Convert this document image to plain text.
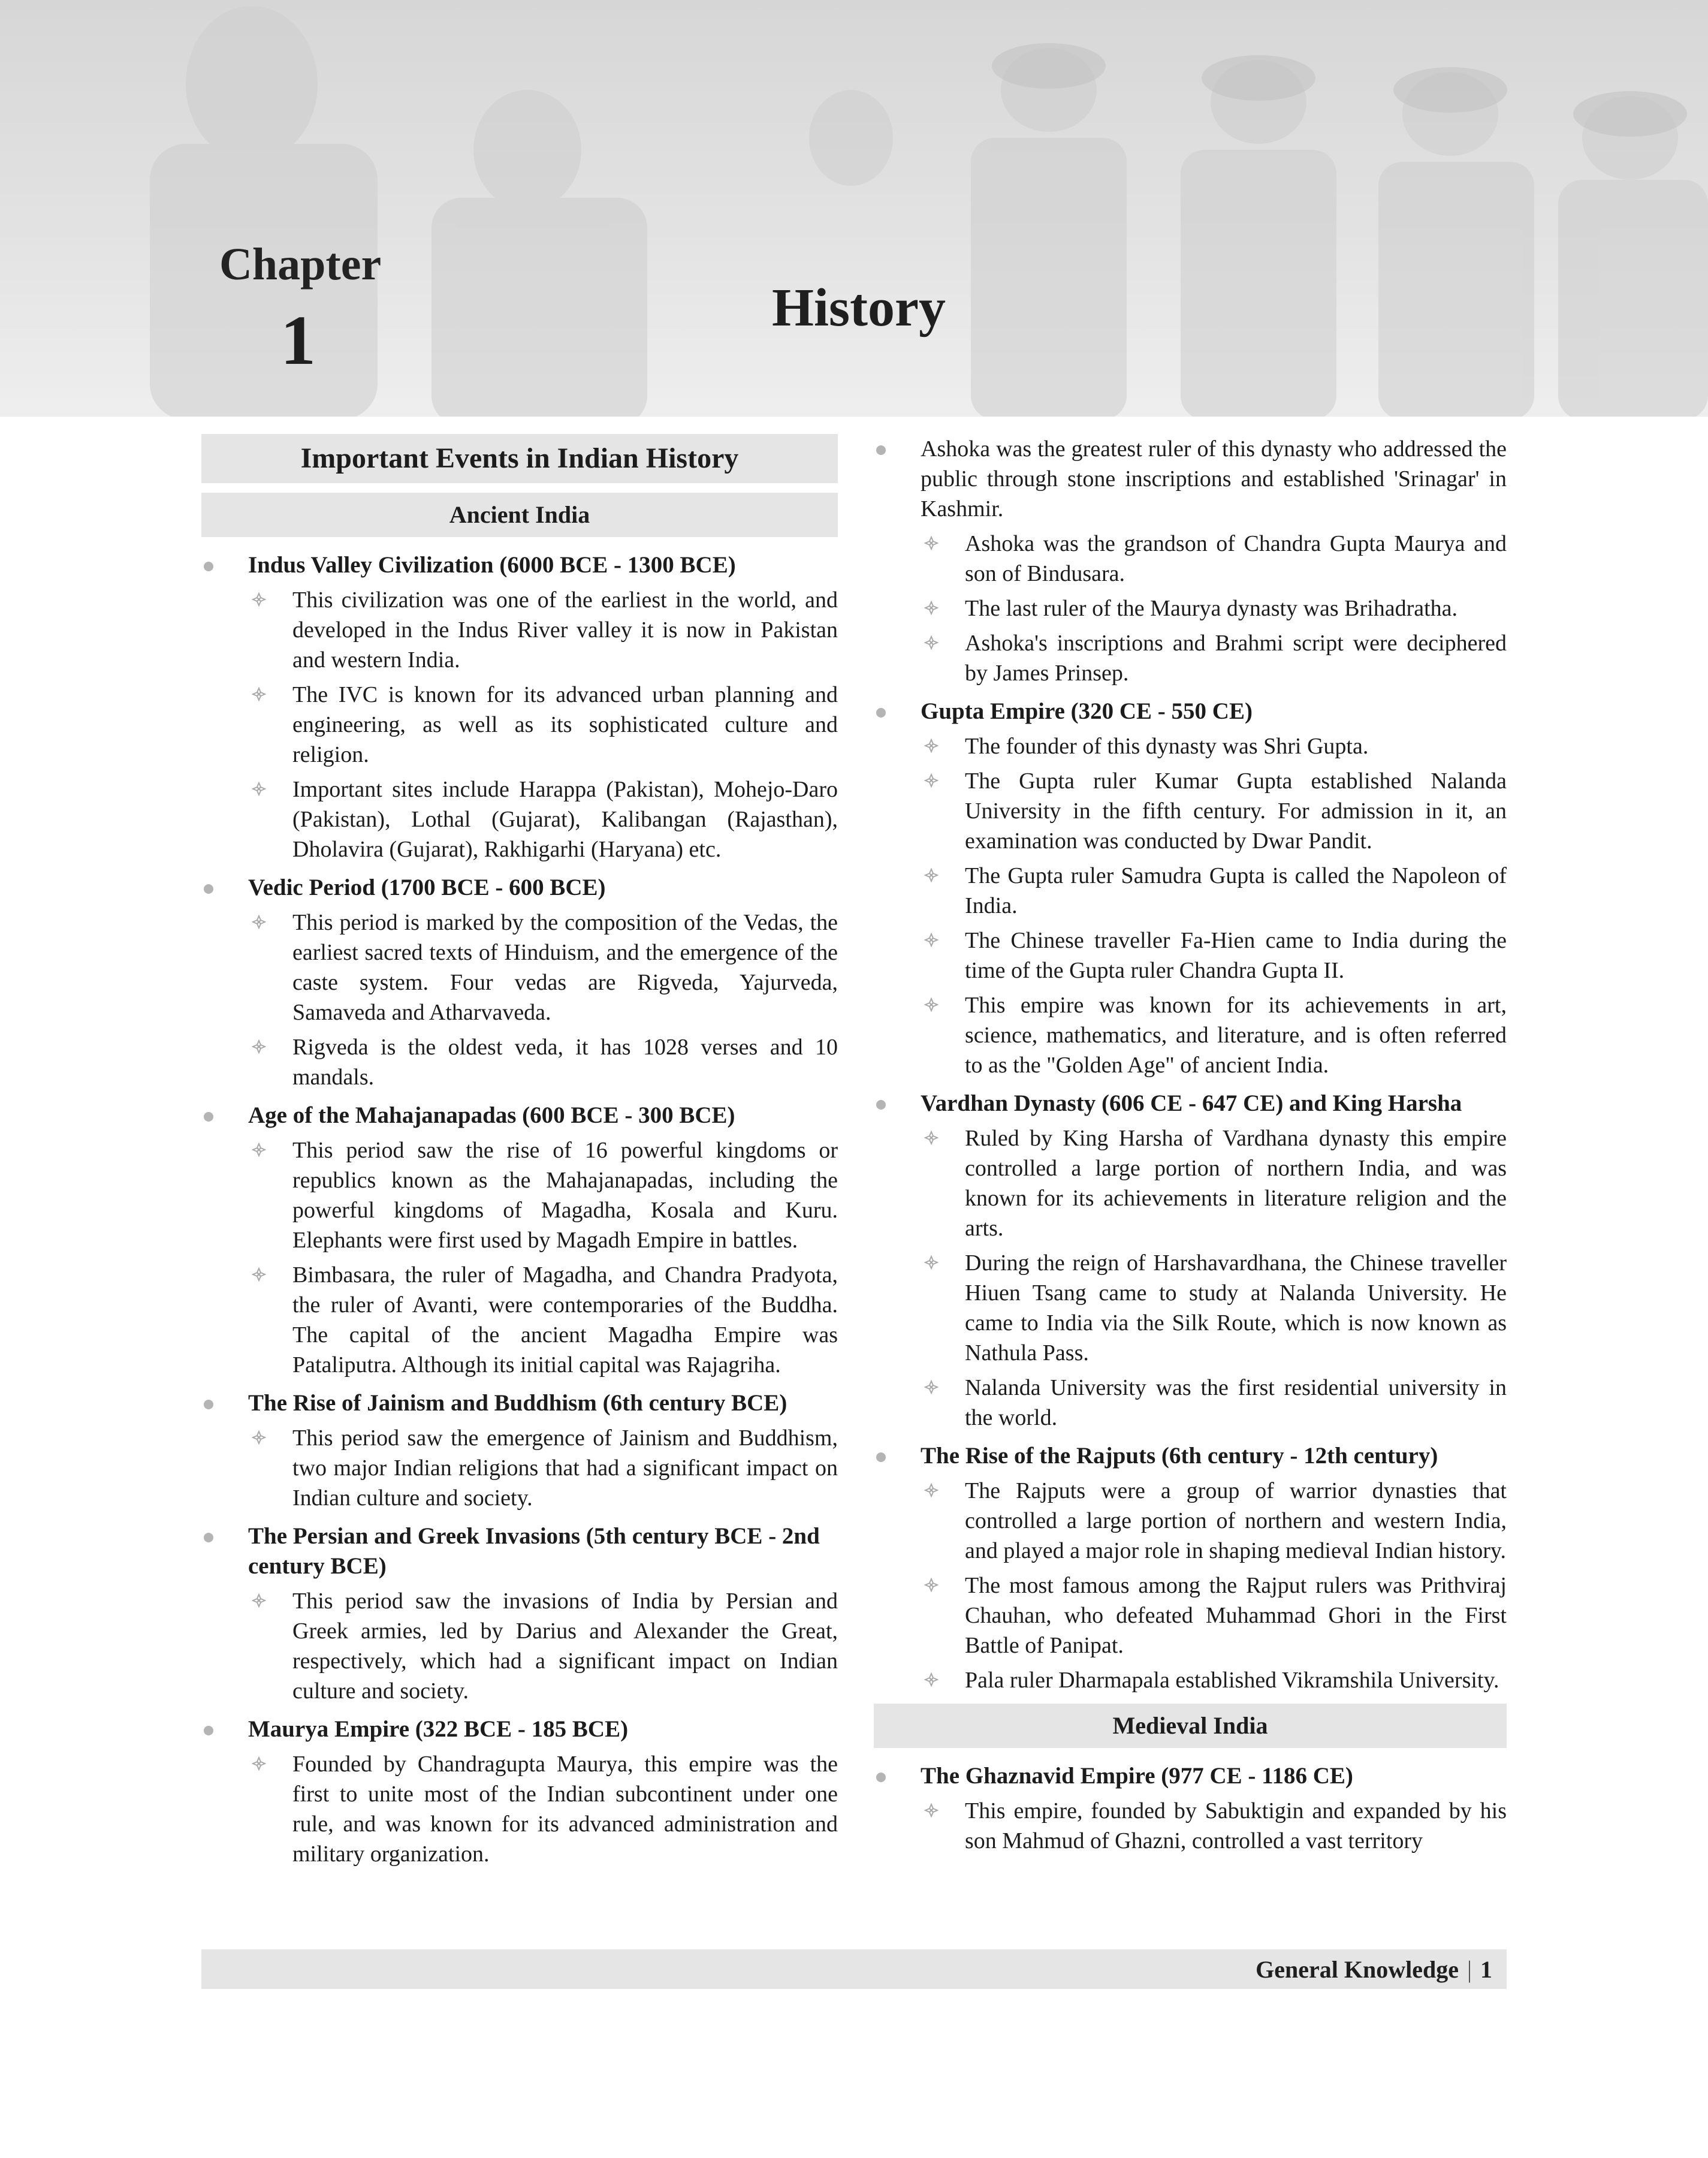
Chapter
1	History
Important Events in Indian History
Ancient India
Indus Valley Civilization (6000 BCE - 1300 BCE)
This civilization was one of the earliest in the world, and developed in the Indus River valley it is now in Pakistan and western India.
The IVC is known for its advanced urban planning and engineering, as well as its sophisticated culture and religion.
Important sites include Harappa (Pakistan), Mohejo-Daro (Pakistan), Lothal (Gujarat), Kalibangan (Rajasthan), Dholavira (Gujarat), Rakhigarhi (Haryana) etc.
Vedic Period (1700 BCE - 600 BCE)
This period is marked by the composition of the Vedas, the earliest sacred texts of Hinduism, and the emergence of the caste system. Four vedas are Rigveda, Yajurveda, Samaveda and Atharvaveda.
Rigveda is the oldest veda, it has 1028 verses and 10 mandals.
Age of the Mahajanapadas (600 BCE - 300 BCE)
This period saw the rise of 16 powerful kingdoms or republics known as the Mahajanapadas, including the powerful kingdoms of Magadha, Kosala and Kuru. Elephants were first used by Magadh Empire in battles.
Bimbasara, the ruler of Magadha, and Chandra Pradyota, the ruler of Avanti, were contemporaries of the Buddha. The capital of the ancient Magadha Empire was Pataliputra. Although its initial capital was Rajagriha.
The Rise of Jainism and Buddhism (6th century BCE)
This period saw the emergence of Jainism and Buddhism, two major Indian religions that had a significant impact on Indian culture and society.
The Persian and Greek Invasions (5th century BCE - 2nd century BCE)
This period saw the invasions of India by Persian and Greek armies, led by Darius and Alexander the Great, respectively, which had a significant impact on Indian culture and society.
Maurya Empire (322 BCE - 185 BCE)
Founded by Chandragupta Maurya, this empire was the first to unite most of the Indian subcontinent under one rule, and was known for its advanced administration and military organization.
Ashoka was the greatest ruler of this dynasty who addressed the public through stone inscriptions and established 'Srinagar' in Kashmir.
Ashoka was the grandson of Chandra Gupta Maurya and son of Bindusara.
The last ruler of the Maurya dynasty was Brihadratha.
Ashoka's inscriptions and Brahmi script were deciphered by James Prinsep.
Gupta Empire (320 CE - 550 CE)
The founder of this dynasty was Shri Gupta.
The Gupta ruler Kumar Gupta established Nalanda University in the fifth century. For admission in it, an examination was conducted by Dwar Pandit.
The Gupta ruler Samudra Gupta is called the Napoleon of India.
The Chinese traveller Fa-Hien came to India during the time of the Gupta ruler Chandra Gupta II.
This empire was known for its achievements in art, science, mathematics, and literature, and is often referred to as the "Golden Age" of ancient India.
Vardhan Dynasty (606 CE - 647 CE) and King Harsha
Ruled by King Harsha of Vardhana dynasty this empire controlled a large portion of northern India, and was known for its achievements in literature religion and the arts.
During the reign of Harshavardhana, the Chinese traveller Hiuen Tsang came to study at Nalanda University. He came to India via the Silk Route, which is now known as Nathula Pass.
Nalanda University was the first residential university in the world.
The Rise of the Rajputs (6th century - 12th century)
The Rajputs were a group of warrior dynasties that controlled a large portion of northern and western India, and played a major role in shaping medieval Indian history.
The most famous among the Rajput rulers was Prithviraj Chauhan, who defeated Muhammad Ghori in the First Battle of Panipat.
Pala ruler Dharmapala established Vikramshila University.
Medieval India
The Ghaznavid Empire (977 CE - 1186 CE)
This empire, founded by Sabuktigin and expanded by his son Mahmud of Ghazni, controlled a vast territory
General Knowledge | 1
